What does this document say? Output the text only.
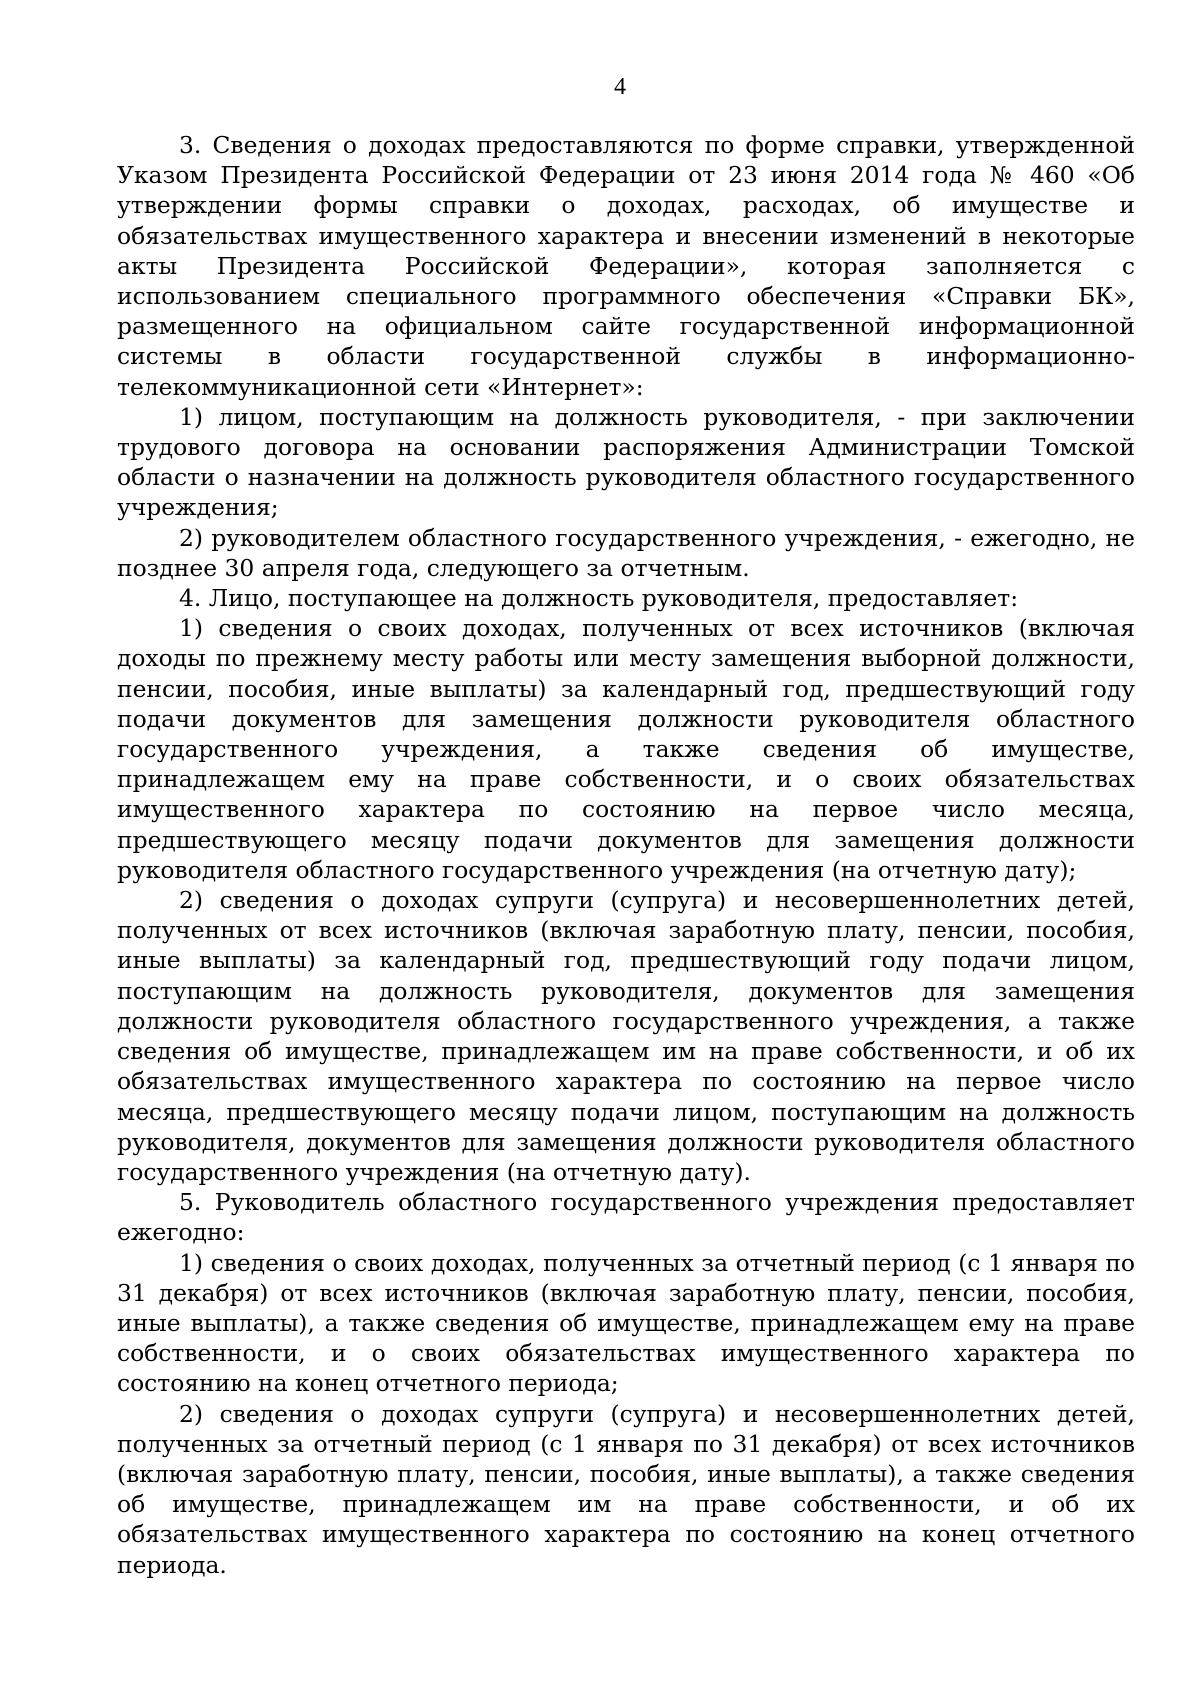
4

3. Сведения о доходах предоставляются по форме справки, утвержденной Указом Президента Российской Федерации от 23 июня 2014 года № 460 «Об утверждении формы справки о доходах, расходах, об имуществе и обязательствах имущественного характера и внесении изменений в некоторые акты Президента Российской Федерации», которая заполняется с использованием специального программного обеспечения «Справки БК», размещенного на официальном сайте государственной информационной системы в области государственной службы в информационно-телекоммуникационной сети «Интернет»:

1) лицом, поступающим на должность руководителя, - при заключении трудового договора на основании распоряжения Администрации Томской области о назначении на должность руководителя областного государственного учреждения;

2) руководителем областного государственного учреждения, - ежегодно, не позднее 30 апреля года, следующего за отчетным.

4. Лицо, поступающее на должность руководителя, предоставляет:

1) сведения о своих доходах, полученных от всех источников (включая доходы по прежнему месту работы или месту замещения выборной должности, пенсии, пособия, иные выплаты) за календарный год, предшествующий году подачи документов для замещения должности руководителя областного государственного учреждения, а также сведения об имуществе, принадлежащем ему на праве собственности, и о своих обязательствах имущественного характера по состоянию на первое число месяца, предшествующего месяцу подачи документов для замещения должности руководителя областного государственного учреждения (на отчетную дату);

2) сведения о доходах супруги (супруга) и несовершеннолетних детей, полученных от всех источников (включая заработную плату, пенсии, пособия, иные выплаты) за календарный год, предшествующий году подачи лицом, поступающим на должность руководителя, документов для замещения должности руководителя областного государственного учреждения, а также сведения об имуществе, принадлежащем им на праве собственности, и об их обязательствах имущественного характера по состоянию на первое число месяца, предшествующего месяцу подачи лицом, поступающим на должность руководителя, документов для замещения должности руководителя областного государственного учреждения (на отчетную дату).

5. Руководитель областного государственного учреждения предоставляет ежегодно:

1) сведения о своих доходах, полученных за отчетный период (с 1 января по 31 декабря) от всех источников (включая заработную плату, пенсии, пособия, иные выплаты), а также сведения об имуществе, принадлежащем ему на праве собственности, и о своих обязательствах имущественного характера по состоянию на конец отчетного периода;

2) сведения о доходах супруги (супруга) и несовершеннолетних детей, полученных за отчетный период (с 1 января по 31 декабря) от всех источников (включая заработную плату, пенсии, пособия, иные выплаты), а также сведения об имуществе, принадлежащем им на праве собственности, и об их обязательствах имущественного характера по состоянию на конец отчетного периода.
